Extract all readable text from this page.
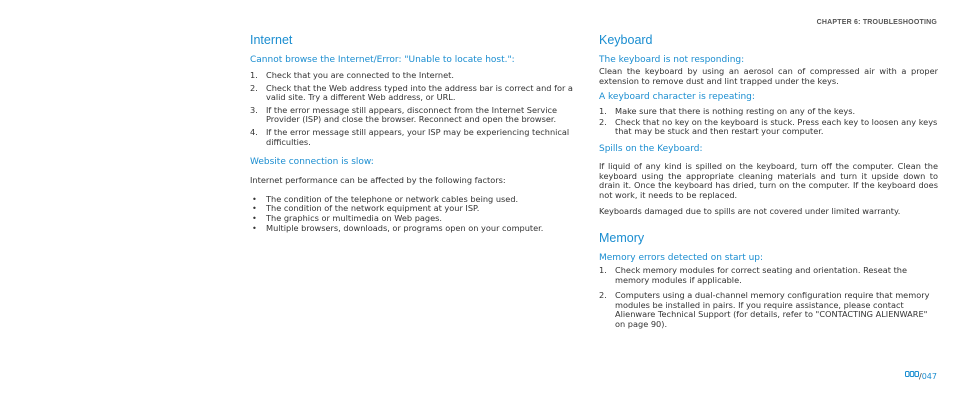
CHAPTER 6: TROUBLESHOOTING
Internet
Cannot browse the Internet/Error: "Unable to locate host.":
1. Check that you are connected to the Internet.
2. Check that the Web address typed into the address bar is correct and for a valid site. Try a different Web address, or URL.
3. If the error message still appears, disconnect from the Internet Service Provider (ISP) and close the browser. Reconnect and open the browser.
4. If the error message still appears, your ISP may be experiencing technical difficulties.
Website connection is slow:

Internet performance can be affected by the following factors:

• The condition of the telephone or network cables being used.
• The condition of the network equipment at your ISP.
• The graphics or multimedia on Web pages.
• Multiple browsers, downloads, or programs open on your computer.
Keyboard
The keyboard is not responding:

Clean the keyboard by using an aerosol can of compressed air with a proper extension to remove dust and lint trapped under the keys.

A keyboard character is repeating:
1. Make sure that there is nothing resting on any of the keys.
2. Check that no key on the keyboard is stuck. Press each key to loosen any keys that may be stuck and then restart your computer.
Spills on the Keyboard:

If liquid of any kind is spilled on the keyboard, turn off the computer. Clean the keyboard using the appropriate cleaning materials and turn it upside down to drain it. Once the keyboard has dried, turn on the computer. If the keyboard does not work, it needs to be replaced.

Keyboards damaged due to spills are not covered under limited warranty.

Memory
Memory errors detected on start up:
1. Check memory modules for correct seating and orientation. Reseat the memory modules if applicable.
2. Computers using a dual-channel memory configuration require that memory modules be installed in pairs. If you require assistance, please contact Alienware Technical Support (for details, refer to "CONTACTING ALIENWARE" on page 90).
/047
